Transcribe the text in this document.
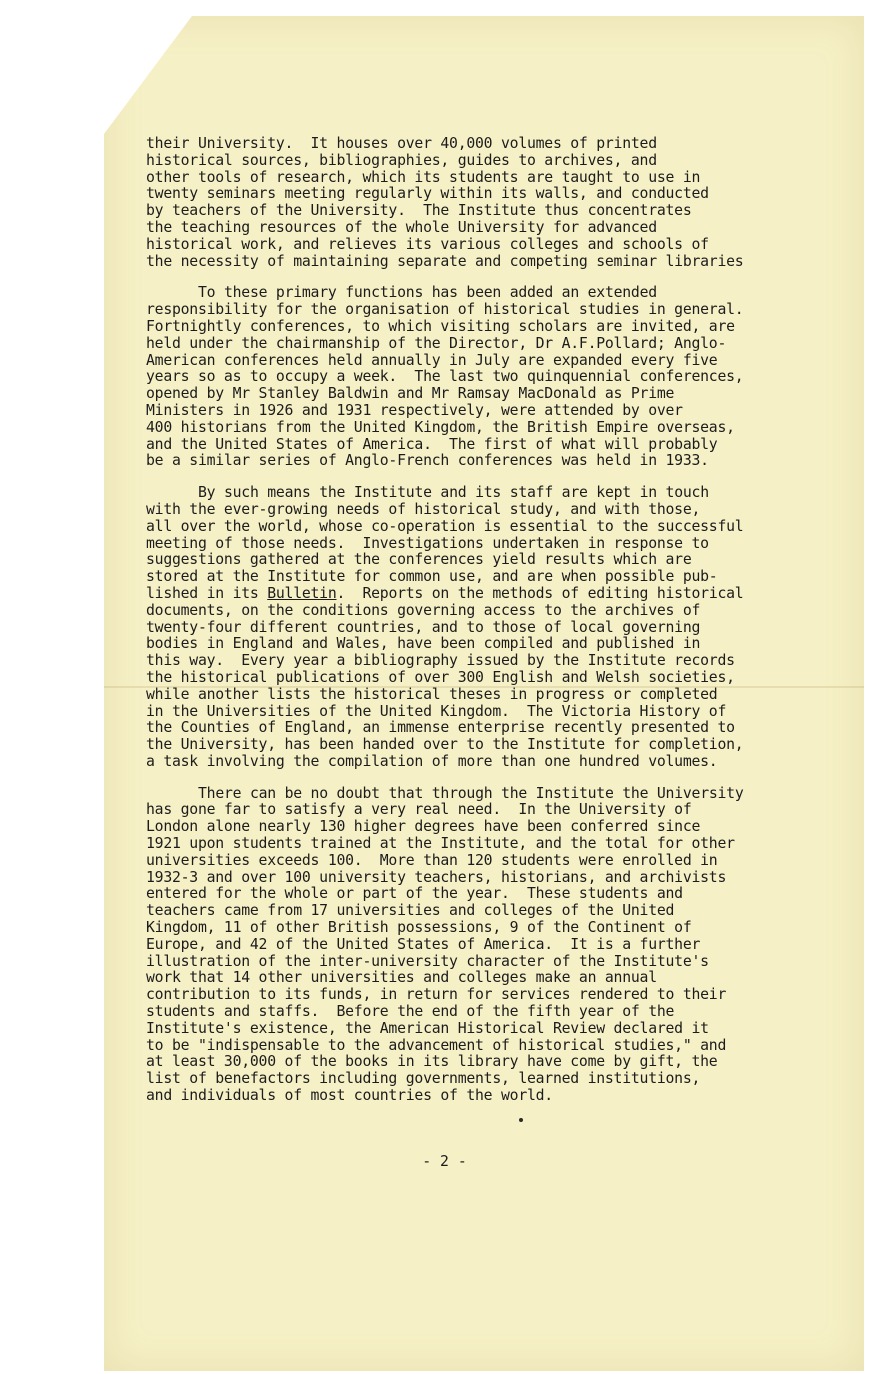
their University.  It houses over 40,000 volumes of printed
historical sources, bibliographies, guides to archives, and
other tools of research, which its students are taught to use in
twenty seminars meeting regularly within its walls, and conducted
by teachers of the University.  The Institute thus concentrates
the teaching resources of the whole University for advanced
historical work, and relieves its various colleges and schools of
the necessity of maintaining separate and competing seminar libraries
To these primary functions has been added an extended
responsibility for the organisation of historical studies in general.
Fortnightly conferences, to which visiting scholars are invited, are
held under the chairmanship of the Director, Dr A.F.Pollard; Anglo-
American conferences held annually in July are expanded every five
years so as to occupy a week.  The last two quinquennial conferences,
opened by Mr Stanley Baldwin and Mr Ramsay MacDonald as Prime
Ministers in 1926 and 1931 respectively, were attended by over
400 historians from the United Kingdom, the British Empire overseas,
and the United States of America.  The first of what will probably
be a similar series of Anglo-French conferences was held in 1933.
By such means the Institute and its staff are kept in touch
with the ever-growing needs of historical study, and with those,
all over the world, whose co-operation is essential to the successful
meeting of those needs.  Investigations undertaken in response to
suggestions gathered at the conferences yield results which are
stored at the Institute for common use, and are when possible pub-
lished in its Bulletin.  Reports on the methods of editing historical
documents, on the conditions governing access to the archives of
twenty-four different countries, and to those of local governing
bodies in England and Wales, have been compiled and published in
this way.  Every year a bibliography issued by the Institute records
the historical publications of over 300 English and Welsh societies,
while another lists the historical theses in progress or completed
in the Universities of the United Kingdom.  The Victoria History of
the Counties of England, an immense enterprise recently presented to
the University, has been handed over to the Institute for completion,
a task involving the compilation of more than one hundred volumes.
There can be no doubt that through the Institute the University
has gone far to satisfy a very real need.  In the University of
London alone nearly 130 higher degrees have been conferred since
1921 upon students trained at the Institute, and the total for other
universities exceeds 100.  More than 120 students were enrolled in
1932-3 and over 100 university teachers, historians, and archivists
entered for the whole or part of the year.  These students and
teachers came from 17 universities and colleges of the United
Kingdom, 11 of other British possessions, 9 of the Continent of
Europe, and 42 of the United States of America.  It is a further
illustration of the inter-university character of the Institute's
work that 14 other universities and colleges make an annual
contribution to its funds, in return for services rendered to their
students and staffs.  Before the end of the fifth year of the
Institute's existence, the American Historical Review declared it
to be "indispensable to the advancement of historical studies," and
at least 30,000 of the books in its library have come by gift, the
list of benefactors including governments, learned institutions,
and individuals of most countries of the world.
- 2 -
